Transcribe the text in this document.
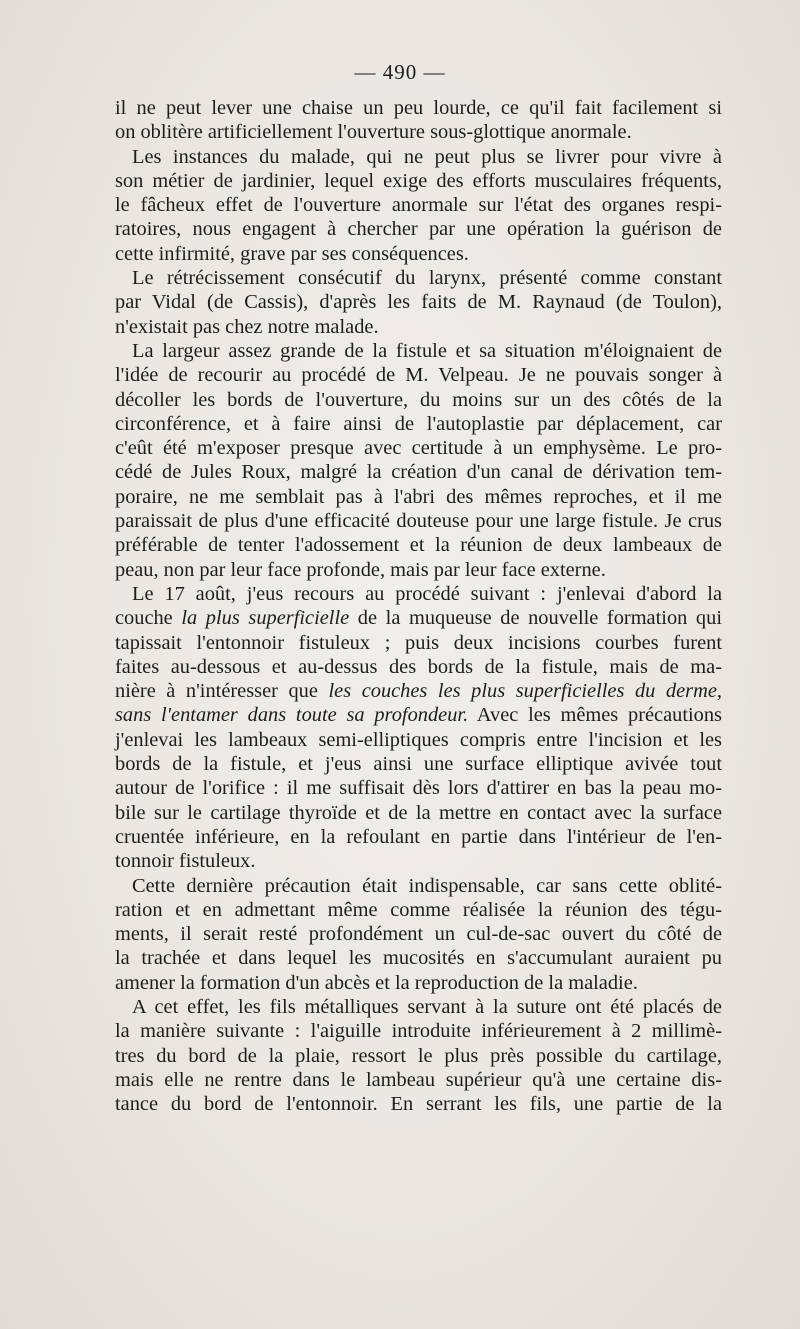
— 490 —

il ne peut lever une chaise un peu lourde, ce qu'il fait facilement si

on oblitère artificiellement l'ouverture sous-glottique anormale.

Les instances du malade, qui ne peut plus se livrer pour vivre à

son métier de jardinier, lequel exige des efforts musculaires fréquents,

le fâcheux effet de l'ouverture anormale sur l'état des organes respi-

ratoires, nous engagent à chercher par une opération la guérison de

cette infirmité, grave par ses conséquences.

Le rétrécissement consécutif du larynx, présenté comme constant

par Vidal (de Cassis), d'après les faits de M. Raynaud (de Toulon),

n'existait pas chez notre malade.

La largeur assez grande de la fistule et sa situation m'éloignaient de

l'idée de recourir au procédé de M. Velpeau. Je ne pouvais songer à

décoller les bords de l'ouverture, du moins sur un des côtés de la

circonférence, et à faire ainsi de l'autoplastie par déplacement, car

c'eût été m'exposer presque avec certitude à un emphysème. Le pro-

cédé de Jules Roux, malgré la création d'un canal de dérivation tem-

poraire, ne me semblait pas à l'abri des mêmes reproches, et il me

paraissait de plus d'une efficacité douteuse pour une large fistule. Je crus

préférable de tenter l'adossement et la réunion de deux lambeaux de

peau, non par leur face profonde, mais par leur face externe.

Le 17 août, j'eus recours au procédé suivant : j'enlevai d'abord la

couche la plus superficielle de la muqueuse de nouvelle formation qui

tapissait l'entonnoir fistuleux ; puis deux incisions courbes furent

faites au-dessous et au-dessus des bords de la fistule, mais de ma-

nière à n'intéresser que les couches les plus superficielles du derme,

sans l'entamer dans toute sa profondeur. Avec les mêmes précautions

j'enlevai les lambeaux semi-elliptiques compris entre l'incision et les

bords de la fistule, et j'eus ainsi une surface elliptique avivée tout

autour de l'orifice : il me suffisait dès lors d'attirer en bas la peau mo-

bile sur le cartilage thyroïde et de la mettre en contact avec la surface

cruentée inférieure, en la refoulant en partie dans l'intérieur de l'en-

tonnoir fistuleux.

Cette dernière précaution était indispensable, car sans cette oblité-

ration et en admettant même comme réalisée la réunion des tégu-

ments, il serait resté profondément un cul-de-sac ouvert du côté de

la trachée et dans lequel les mucosités en s'accumulant auraient pu

amener la formation d'un abcès et la reproduction de la maladie.

A cet effet, les fils métalliques servant à la suture ont été placés de

la manière suivante : l'aiguille introduite inférieurement à 2 millimè-

tres du bord de la plaie, ressort le plus près possible du cartilage,

mais elle ne rentre dans le lambeau supérieur qu'à une certaine dis-

tance du bord de l'entonnoir. En serrant les fils, une partie de la
